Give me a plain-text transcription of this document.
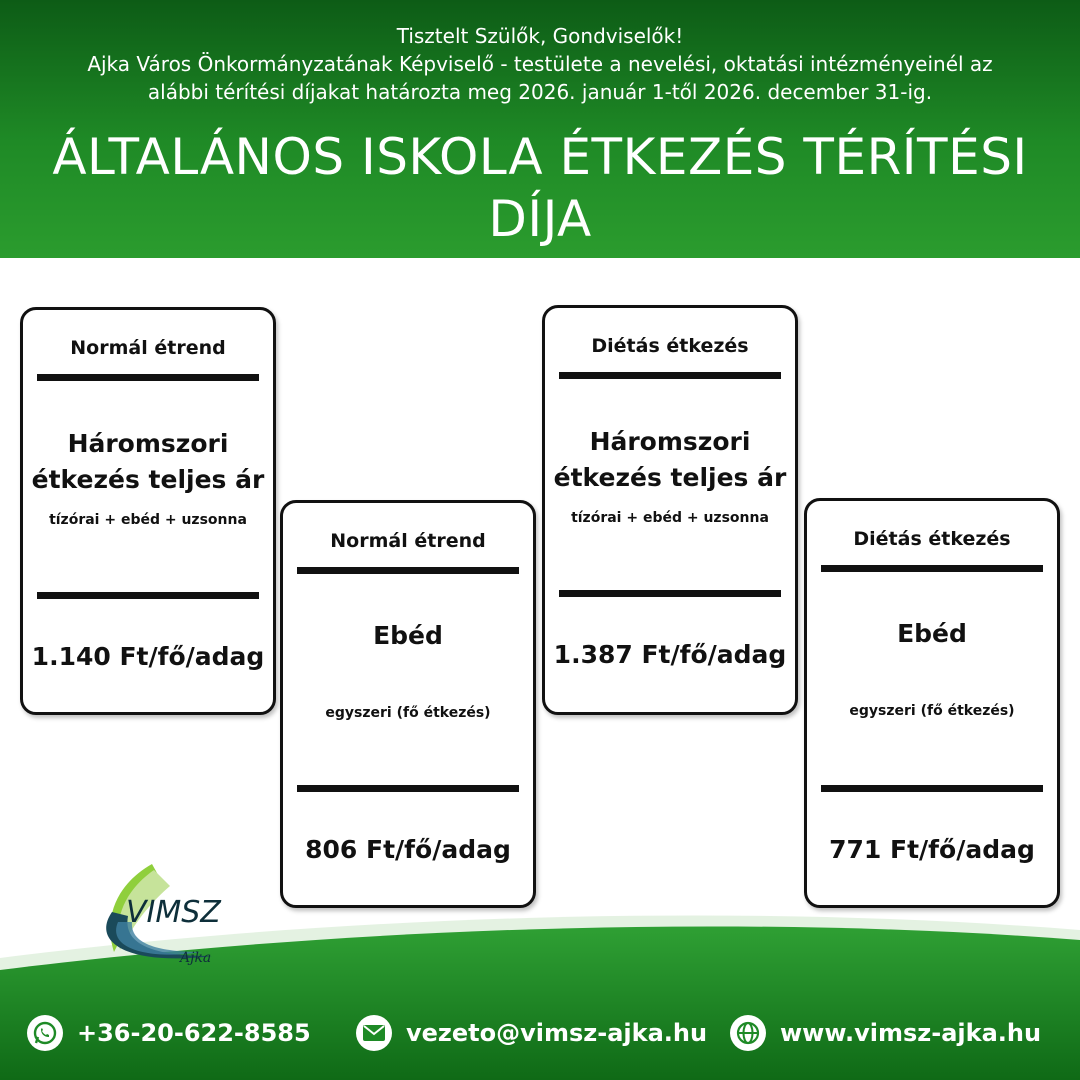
Tisztelt Szülők, Gondviselők!
Ajka Város Önkormányzatának Képviselő - testülete a nevelési, oktatási intézményeinél az
alábbi térítési díjakat határozta meg 2026. január 1-től 2026. december 31-ig.
ÁLTALÁNOS ISKOLA ÉTKEZÉS TÉRÍTÉSI
DÍJA
Normál étrend
Háromszori
étkezés teljes ár
tízórai + ebéd + uzsonna
1.140 Ft/fő/adag
Normál étrend
Ebéd
egyszeri (fő étkezés)
806 Ft/fő/adag
Diétás étkezés
Háromszori
étkezés teljes ár
tízórai + ebéd + uzsonna
1.387 Ft/fő/adag
Diétás étkezés
Ebéd
egyszeri (fő étkezés)
771 Ft/fő/adag
VIMSZ
Ajka
+36-20-622-8585	vezeto@vimsz-ajka.hu	www.vimsz-ajka.hu
